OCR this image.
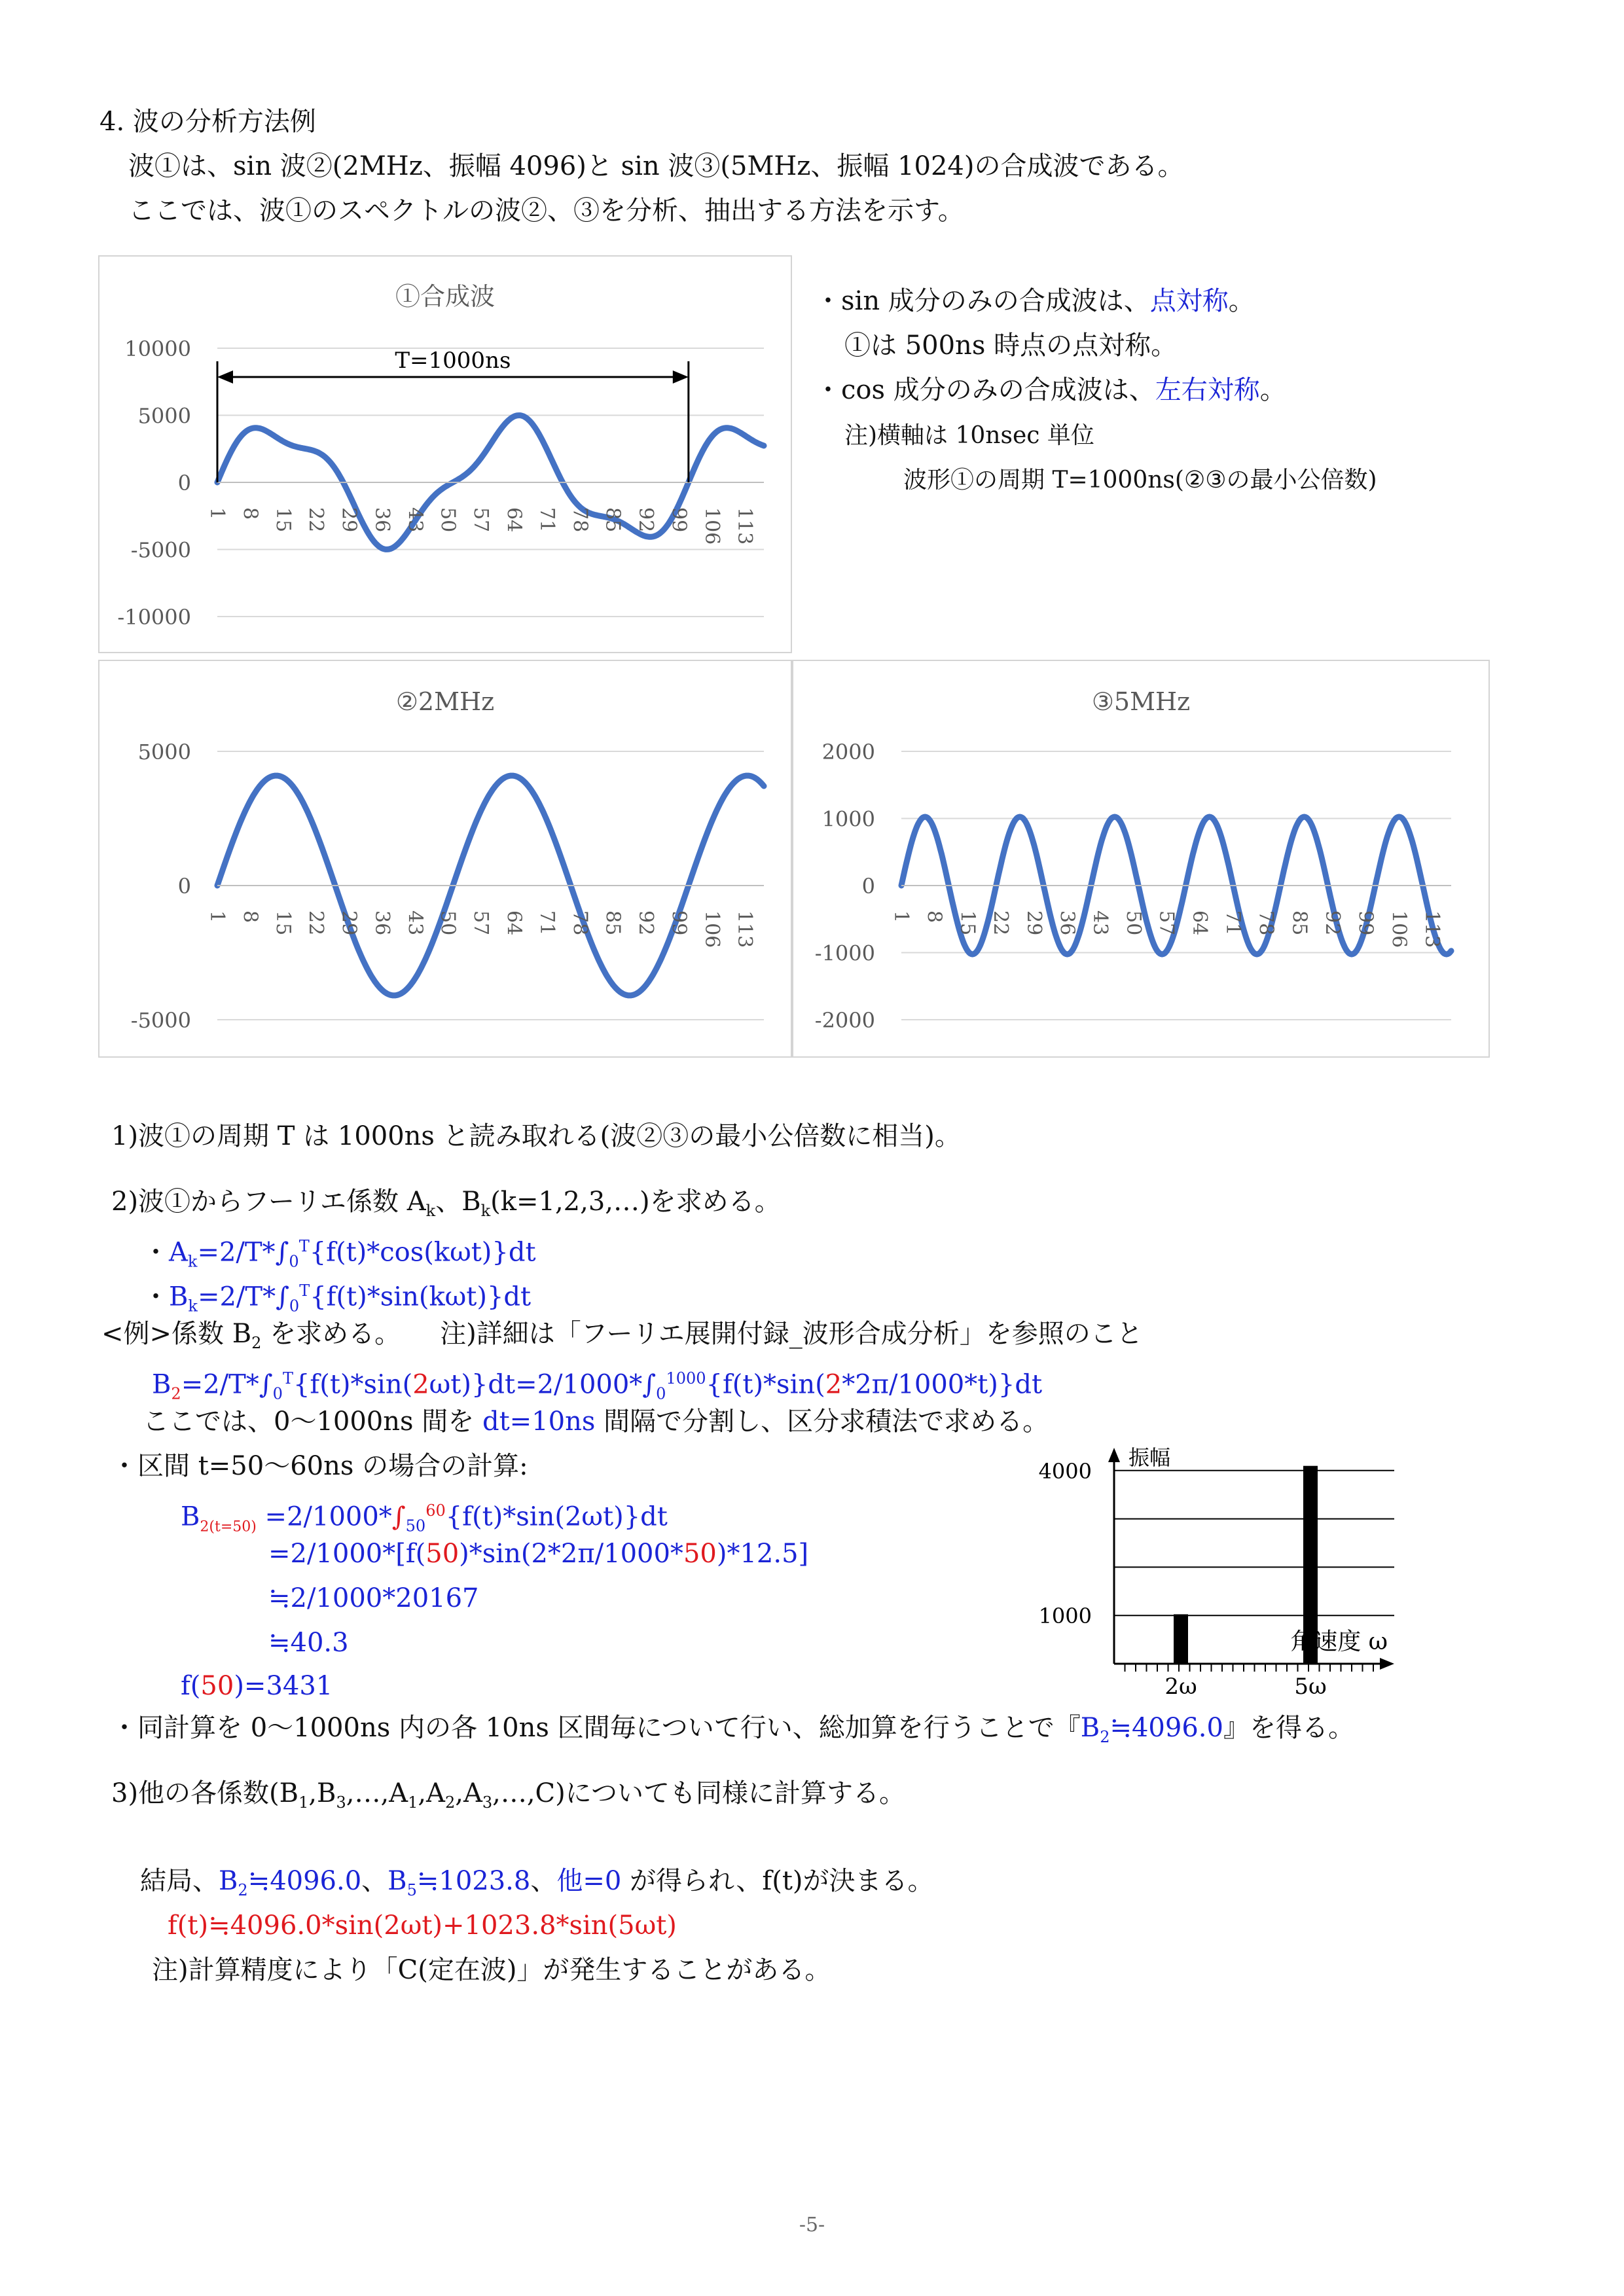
4. 波の分析方法例
波①は、sin 波②(2MHz、振幅 4096)と sin 波③(5MHz、振幅 1024)の合成波である。
ここでは、波①のスペクトルの波②、③を分析、抽出する方法を示す。
①合成波
10000
5000
0
-5000
-10000
1 8 15 22 29 36 43 50 57 64 71 78 85 92 99 106 113
T=1000ns
・sin 成分のみの合成波は、点対称。
①は 500ns 時点の点対称。
・cos 成分のみの合成波は、左右対称。
注)横軸は 10nsec 単位
波形①の周期 T=1000ns(②③の最小公倍数)
②2MHz
5000
0
-5000
1 8 15 22 29 36 43 50 57 64 71 78 85 92 99 106 113
③5MHz
2000
1000
0
-1000
-2000
1 8 15 22 29 36 43 50 57 64 71 78 85 92 99 106 113
1)波①の周期 T は 1000ns と読み取れる(波②③の最小公倍数に相当)。
2)波①からフーリエ係数 $A_k$、$B_k(k=1,2,3,\dots)$を求める。
・$A_k=2/T*\int_0^T\{f(t)*\cos(k\omega t)\}dt$
・$B_k=2/T*\int_0^T\{f(t)*\sin(k\omega t)\}dt$
<例>係数 $B_2$ を求める。 注)詳細は「フーリエ展開付録_波形合成分析」を参照のこと
$B_2=2/T*\int_0^T\{f(t)*\sin(2\omega t)\}dt=2/1000*\int_0^{1000}\{f(t)*\sin(2*2\pi/1000*t)\}dt$
ここでは、0〜1000ns 間を dt=10ns 間隔で分割し、区分求積法で求める。
・区間 t=50〜60ns の場合の計算:
$B_{2(t=50)} =2/1000*\int_{50}^{60}\{f(t)*\sin(2\omega t)\}dt$
=2/1000*[f(50)*sin(2*2π/1000*50)*12.5]
≒2/1000*20167
≒40.3
f(50)=3431	2ω	5ω
4000
1000
振幅
角速度 ω
・同計算を 0〜1000ns 内の各 10ns 区間毎について行い、総加算を行うことで『$B_2≒4096.0$』を得る。
3)他の各係数$(B_1,B_3,\dots,A_1,A_2,A_3,\dots,C)$についても同様に計算する。
結局、$B_2≒4096.0$、$B_5≒1023.8$、他=0 が得られ、f(t)が決まる。
f(t)≒4096.0*sin(2ωt)+1023.8*sin(5ωt)
注)計算精度により「C(定在波)」が発生することがある。
-5-
